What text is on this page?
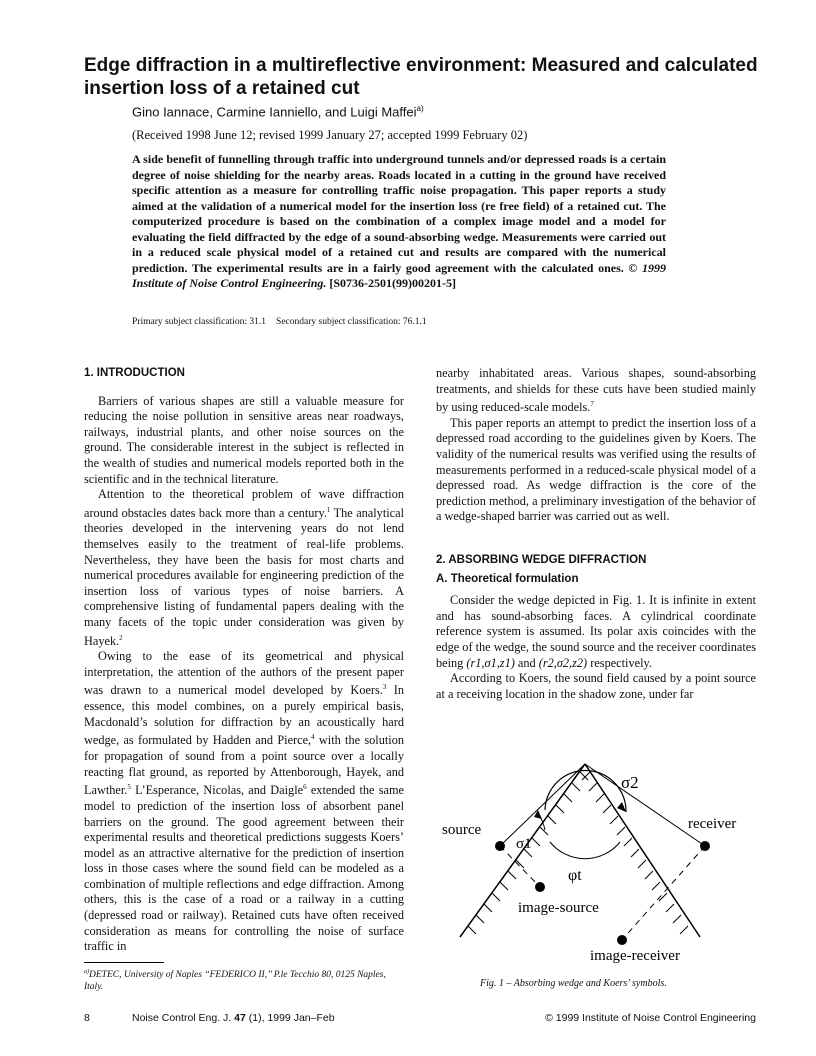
Edge diffraction in a multireflective environment: Measured and calculated insertion loss of a retained cut
Gino Iannace, Carmine Ianniello, and Luigi Maffei$^{a)}$
(Received 1998 June 12; revised 1999 January 27; accepted 1999 February 02)
A side benefit of funnelling through traffic into underground tunnels and/or depressed roads is a certain degree of noise shielding for the nearby areas. Roads located in a cutting in the ground have received specific attention as a measure for controlling traffic noise propagation. This paper reports a study aimed at the validation of a numerical model for the insertion loss (re free field) of a retained cut. The computerized procedure is based on the combination of a complex image model and a model for evaluating the field diffracted by the edge of a sound-absorbing wedge. Measurements were carried out in a reduced scale physical model of a retained cut and results are compared with the numerical prediction. The experimental results are in a fairly good agreement with the calculated ones. © 1999 Institute of Noise Control Engineering. [S0736-2501(99)00201-5]
Primary subject classification: 31.1 Secondary subject classification: 76.1.1

1. INTRODUCTION

Barriers of various shapes are still a valuable measure for reducing the noise pollution in sensitive areas near roadways, railways, industrial plants, and other noise sources on the ground. The considerable interest in the subject is reflected in the wealth of studies and numerical models reported both in the scientific and in the technical literature.

Attention to the theoretical problem of wave diffraction around obstacles dates back more than a century.$^1$ The analytical theories developed in the intervening years do not lend themselves easily to the treatment of real-life problems. Nevertheless, they have been the basis for most charts and numerical procedures available for engineering prediction of the insertion loss of various types of noise barriers. A comprehensive listing of fundamental papers dealing with the many facets of the topic under consideration was given by Hayek.$^2$

Owing to the ease of its geometrical and physical interpretation, the attention of the authors of the present paper was drawn to a numerical model developed by Koers.$^3$ In essence, this model combines, on a purely empirical basis, Macdonald’s solution for diffraction by an acoustically hard wedge, as formulated by Hadden and Pierce,$^4$ with the solution for propagation of sound from a point source over a locally reacting flat ground, as reported by Attenborough, Hayek, and Lawther.$^5$ L’Esperance, Nicolas, and Daigle$^6$ extended the same model to prediction of the insertion loss of absorbent panel barriers on the ground. The good agreement between their experimental results and theoretical predictions suggests Koers’ model as an attractive alternative for the prediction of insertion loss in those cases where the sound field can be modeled as a combination of multiple reflections and edge diffraction. Among others, this is the case of a road or a railway in a cutting (depressed road or railway). Retained cuts have often received consideration as means for controlling the noise of surface traffic in

nearby inhabitated areas. Various shapes, sound-absorbing treatments, and shields for these cuts have been studied mainly by using reduced-scale models.$^7$

This paper reports an attempt to predict the insertion loss of a depressed road according to the guidelines given by Koers. The validity of the numerical results was verified using the results of measurements performed in a reduced-scale physical model of a depressed road. As wedge diffraction is the core of the prediction method, a preliminary investigation of the behavior of a wedge-shaped barrier was carried out as well.

2. ABSORBING WEDGE DIFFRACTION

A. Theoretical formulation

Consider the wedge depicted in Fig. 1. It is infinite in extent and has sound-absorbing faces. A cylindrical coordinate reference system is assumed. Its polar axis coincides with the edge of the wedge, the sound source and the receiver coordinates being (r1,σ1,z1) and (r2,σ2,z2) respectively.

According to Koers, the sound field caused by a point source at a receiving location in the shadow zone, under far

σ2
source	receiver
σ1
φt
image-source
image-receiver
Fig. 1 – Absorbing wedge and Koers’ symbols.
$^{a)}$DETEC, University of Naples ‘‘FEDERICO II,’’ P.le Tecchio 80, 0125 Naples, Italy.
8	Noise Control Eng. J. 47 (1), 1999 Jan–Feb	© 1999 Institute of Noise Control Engineering
